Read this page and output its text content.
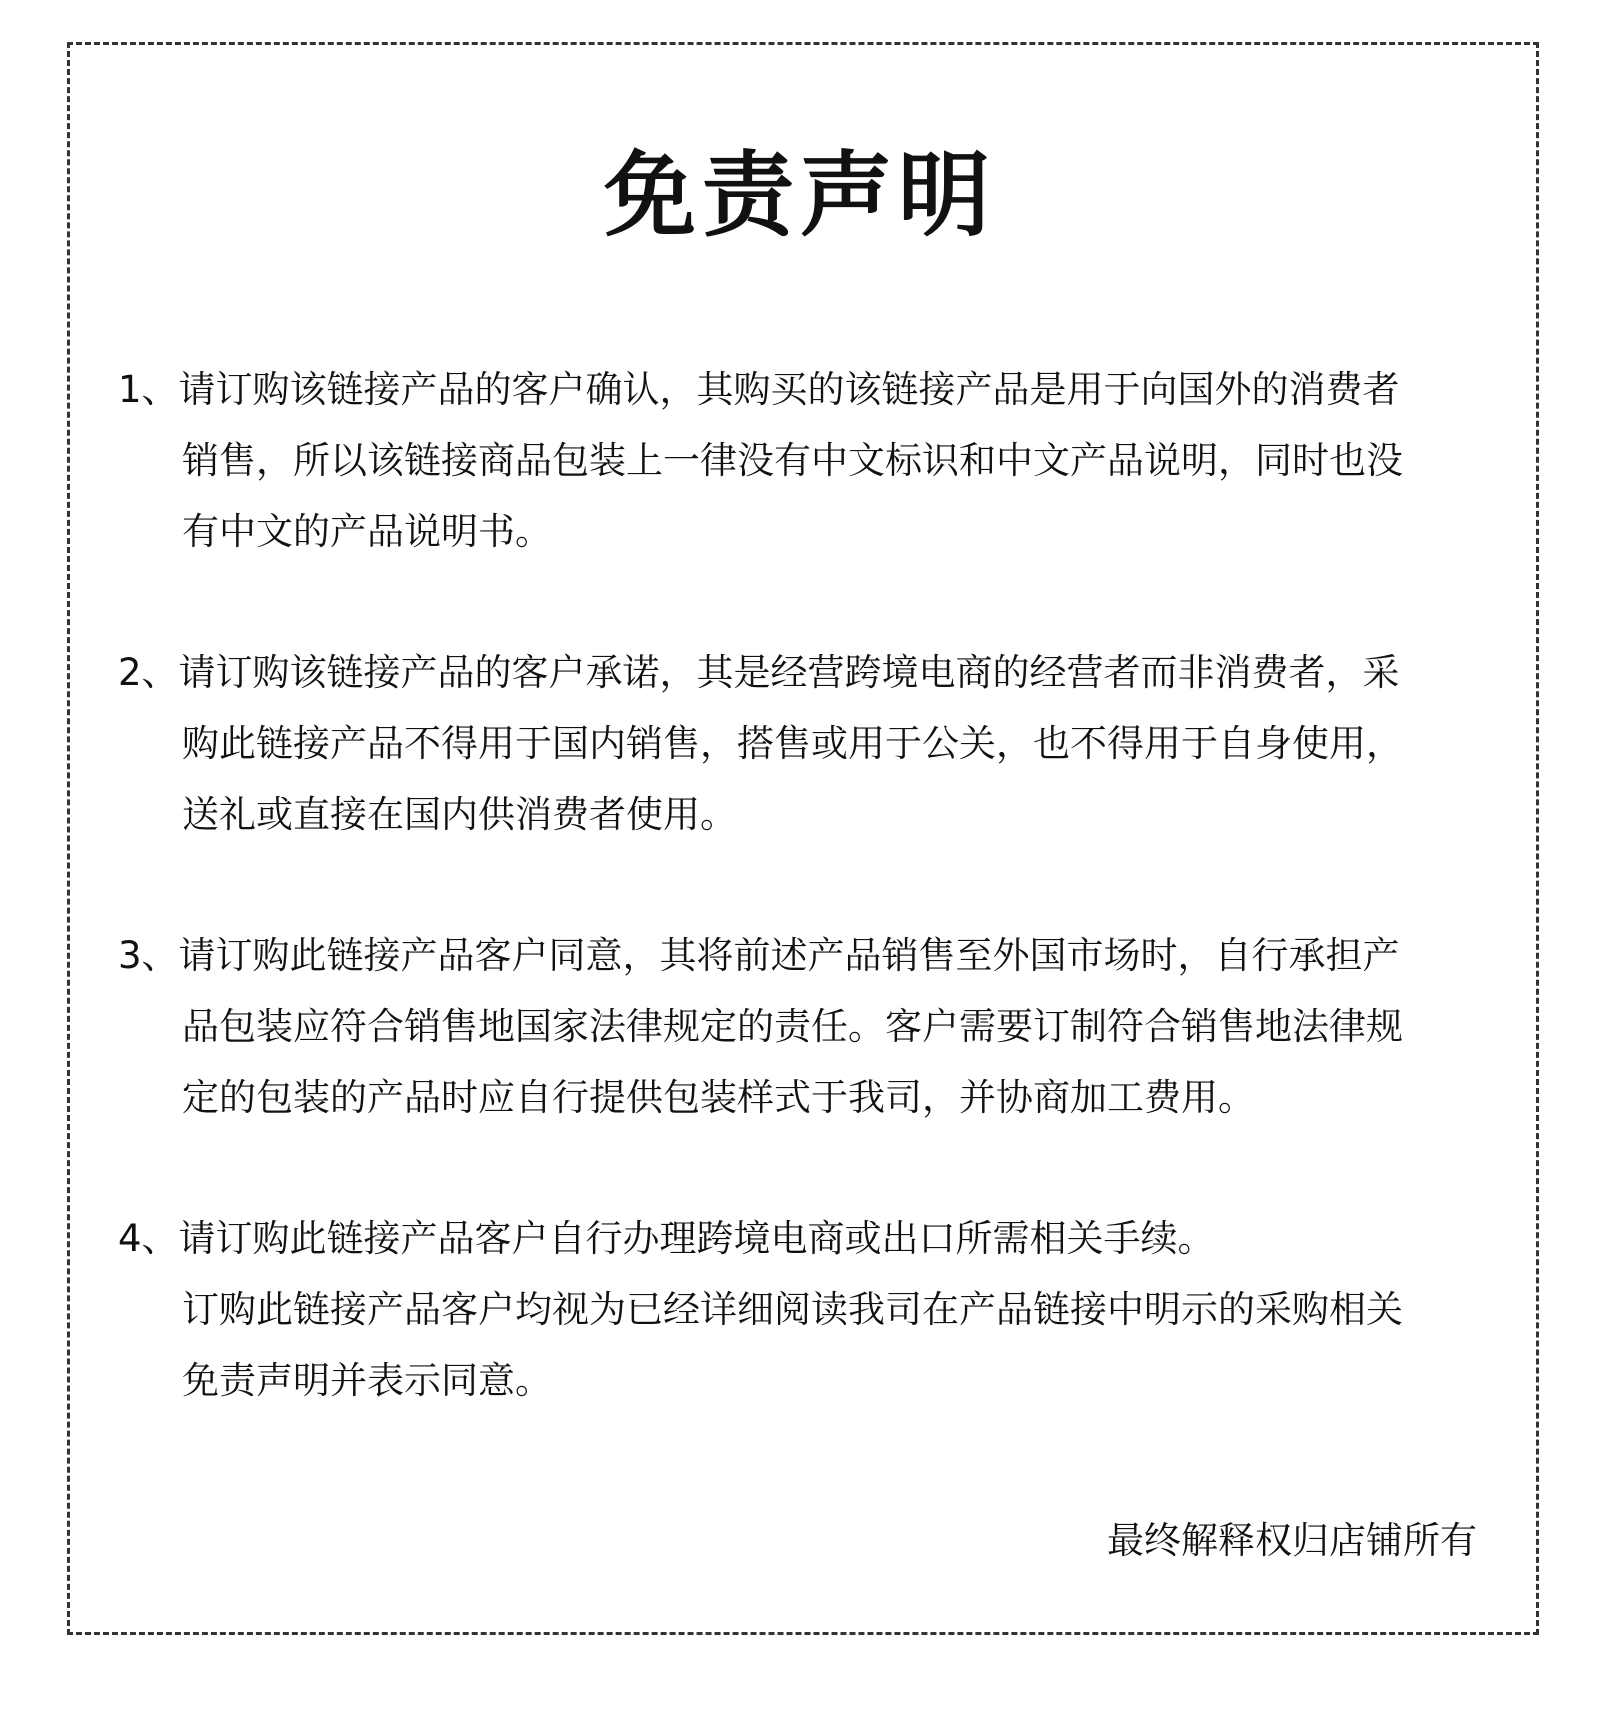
免责声明
1、请订购该链接产品的客户确认，其购买的该链接产品是用于向国外的消费者
销售，所以该链接商品包装上一律没有中文标识和中文产品说明，同时也没
有中文的产品说明书。
2、请订购该链接产品的客户承诺，其是经营跨境电商的经营者而非消费者，采
购此链接产品不得用于国内销售，搭售或用于公关，也不得用于自身使用，
送礼或直接在国内供消费者使用。
3、请订购此链接产品客户同意，其将前述产品销售至外国市场时，自行承担产
品包装应符合销售地国家法律规定的责任。客户需要订制符合销售地法律规
定的包装的产品时应自行提供包装样式于我司，并协商加工费用。
4、请订购此链接产品客户自行办理跨境电商或出口所需相关手续。
订购此链接产品客户均视为已经详细阅读我司在产品链接中明示的采购相关
免责声明并表示同意。
最终解释权归店铺所有
